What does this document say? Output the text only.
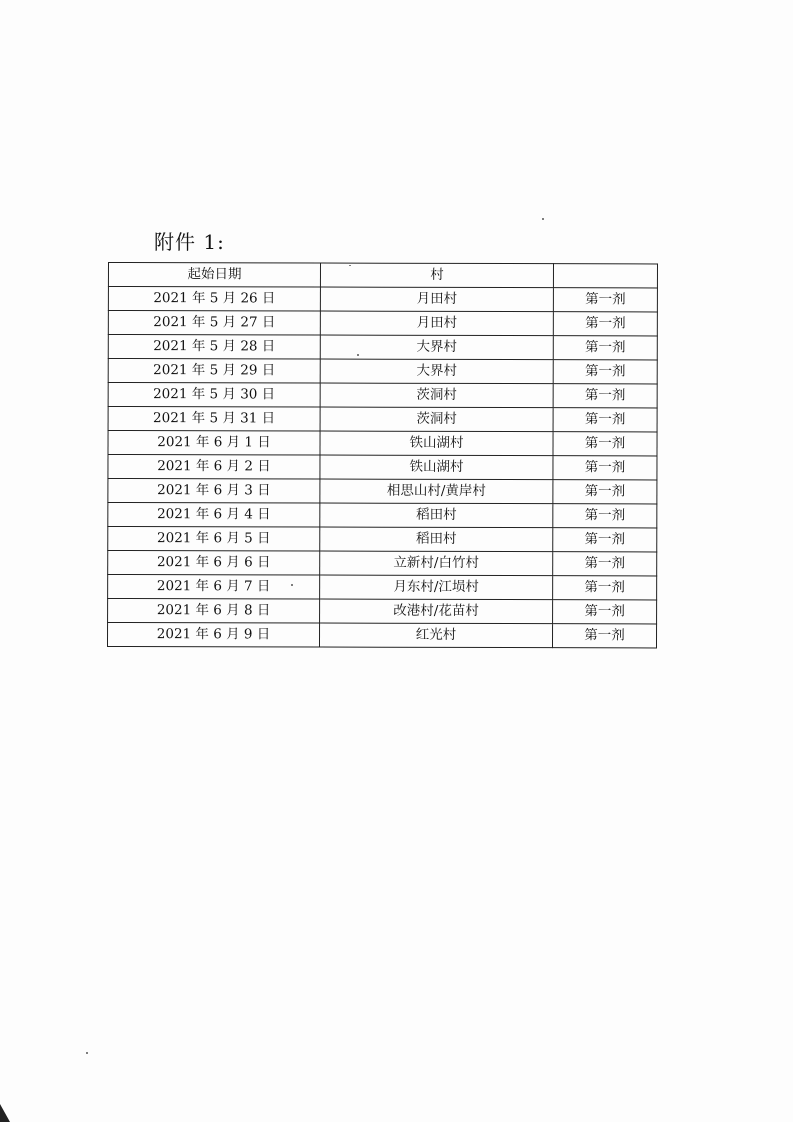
附件 1:
起始日期	村	
2021 年 5 月 26 日	月田村	第一剂
2021 年 5 月 27 日	月田村	第一剂
2021 年 5 月 28 日	大界村	第一剂
2021 年 5 月 29 日	大界村	第一剂
2021 年 5 月 30 日	茨洞村	第一剂
2021 年 5 月 31 日	茨洞村	第一剂
2021 年 6 月 1 日	铁山湖村	第一剂
2021 年 6 月 2 日	铁山湖村	第一剂
2021 年 6 月 3 日	相思山村/黄岸村	第一剂
2021 年 6 月 4 日	稻田村	第一剂
2021 年 6 月 5 日	稻田村	第一剂
2021 年 6 月 6 日	立新村/白竹村	第一剂
2021 年 6 月 7 日	月东村/江埙村	第一剂
2021 年 6 月 8 日	改港村/花苗村	第一剂
2021 年 6 月 9 日	红光村	第一剂
